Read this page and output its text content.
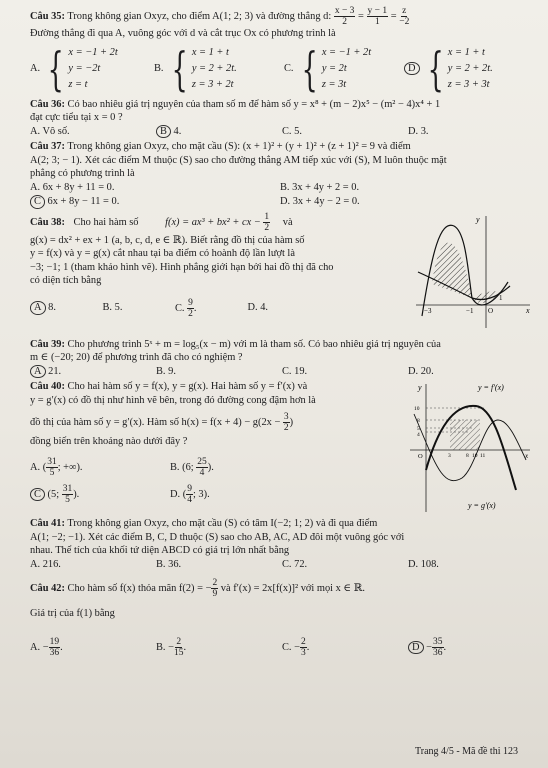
Câu 35: Trong không gian Oxyz, cho điểm A(1; 2; 3) và đường thẳng d: $\frac{x - 3}{2} = \frac{y - 1}{1} = \frac{z}{-2}$
Đường thẳng đi qua A, vuông góc với d và cắt trục Ox có phương trình là
A. { x = −1 + 2t
y = −2t
z = t
B. { x = 1 + t
y = 2 + 2t.
z = 3 + 2t
C. { x = −1 + 2t
y = 2t
z = 3t
D { x = 1 + t
y = 2 + 2t.
z = 3 + 3t
Câu 36: Có bao nhiêu giá trị nguyên của tham số m để hàm số y = x⁸ + (m − 2)x⁵ − (m² − 4)x⁴ + 1
đạt cực tiểu tại x = 0 ?
A. Vô số.	B 4.	C. 5.	D. 3.
Câu 37: Trong không gian Oxyz, cho mặt cầu (S): (x + 1)² + (y + 1)² + (z + 1)² = 9 và điểm
A(2; 3; − 1). Xét các điểm M thuộc (S) sao cho đường thẳng AM tiếp xúc với (S), M luôn thuộc mặt
phẳng có phương trình là
A. 6x + 8y + 11 = 0.	B. 3x + 4y + 2 = 0.
C 6x + 8y − 11 = 0.	D. 3x + 4y − 2 = 0.
Câu 38: Cho hai hàm số	f(x) = ax³ + bx² + cx − $\frac{1}{2}$ và
g(x) = dx² + ex + 1 (a, b, c, d, e ∈ ℝ). Biết rằng đồ thị của hàm số
y = f(x) và y = g(x) cắt nhau tại ba điểm có hoành độ lần lượt là
−3; −1; 1 (tham khảo hình vẽ). Hình phẳng giới hạn bởi hai đồ thị đã cho
có diện tích bằng
A 8.	B. 5.	C. $\frac{9}{2}$ .	D. 4.
y
x
O
−3	−1
1
Câu 39: Cho phương trình 5ˣ + m = log₅(x − m) với m là tham số. Có bao nhiêu giá trị nguyên của
m ∈ (−20; 20) để phương trình đã cho có nghiệm ?
A 21.	B. 9.	C. 19.	D. 20.
Câu 40: Cho hai hàm số y = f(x), y = g(x). Hai hàm số y = f′(x) và
y = g′(x) có đồ thị như hình vẽ bên, trong đó đường cong đậm hơn là
đồ thị của hàm số y = g′(x). Hàm số $h(x) = f(x + 4) - g(2x - \frac{3}{2}$ )
đồng biến trên khoảng nào dưới đây ?
A. ( $\frac{31}{5}$ ; +∞).	B. (6; $\frac{25}{4}$ ).
C (5; $\frac{31}{5}$ ).	D. ( $\frac{9}{4}$ ; 3).
y	y = f′(x)
y = g′(x)
O	x
10
8
5
4
3	8 10 11
Câu 41: Trong không gian Oxyz, cho mặt cầu (S) có tâm I(−2; 1; 2) và đi qua điểm
A(1; −2; −1). Xét các điểm B, C, D thuộc (S) sao cho AB, AC, AD đôi một vuông góc với
nhau. Thể tích của khối tứ diện ABCD có giá trị lớn nhất bằng
A. 216.	B. 36.	C. 72.	D. 108.
Câu 42: Cho hàm số f(x) thỏa mãn f(2) = − $\frac{2}{9}$ và f′(x) = 2x[f(x)]² với mọi x ∈ ℝ.
Giá trị của f(1) bằng
A. − $\frac{19}{36}$ .	B. − $\frac{2}{15}$ .	C. − $\frac{2}{3}$ .	$D - \frac{35}{36}$ .
Trang 4/5 - Mã đề thi 123
